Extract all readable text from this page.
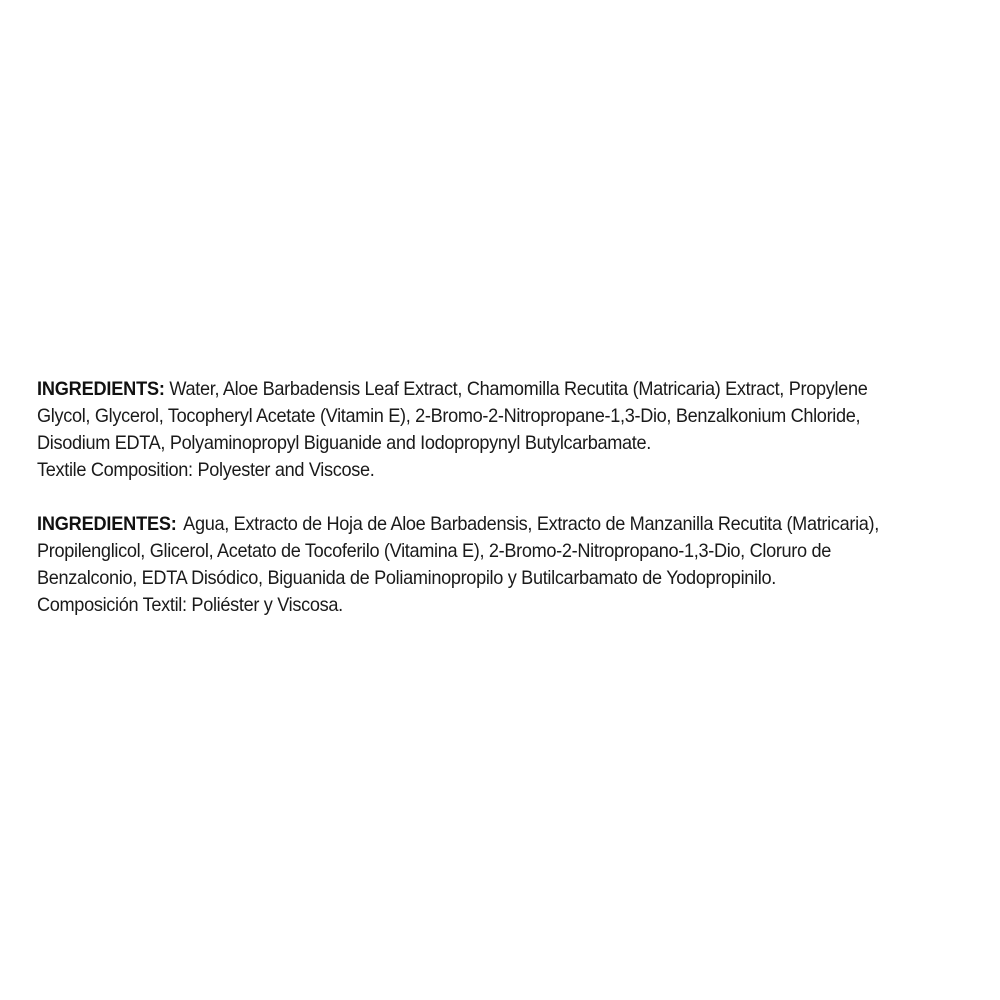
INGREDIENTS: Water, Aloe Barbadensis Leaf Extract, Chamomilla Recutita (Matricaria) Extract, Propylene Glycol, Glycerol, Tocopheryl Acetate (Vitamin E), 2-Bromo-2-Nitropropane-1,3-Dio, Benzalkonium Chloride, Disodium EDTA, Polyaminopropyl Biguanide and Iodopropynyl Butylcarbamate.

Textile Composition: Polyester and Viscose.

INGREDIENTES: Agua, Extracto de Hoja de Aloe Barbadensis, Extracto de Manzanilla Recutita (Matricaria), Propilenglicol, Glicerol, Acetato de Tocoferilo (Vitamina E), 2-Bromo-2-Nitropropano-1,3-Dio, Cloruro de Benzalconio, EDTA Disódico, Biguanida de Poliaminopropilo y Butilcarbamato de Yodopropinilo.

Composición Textil: Poliéster y Viscosa.
